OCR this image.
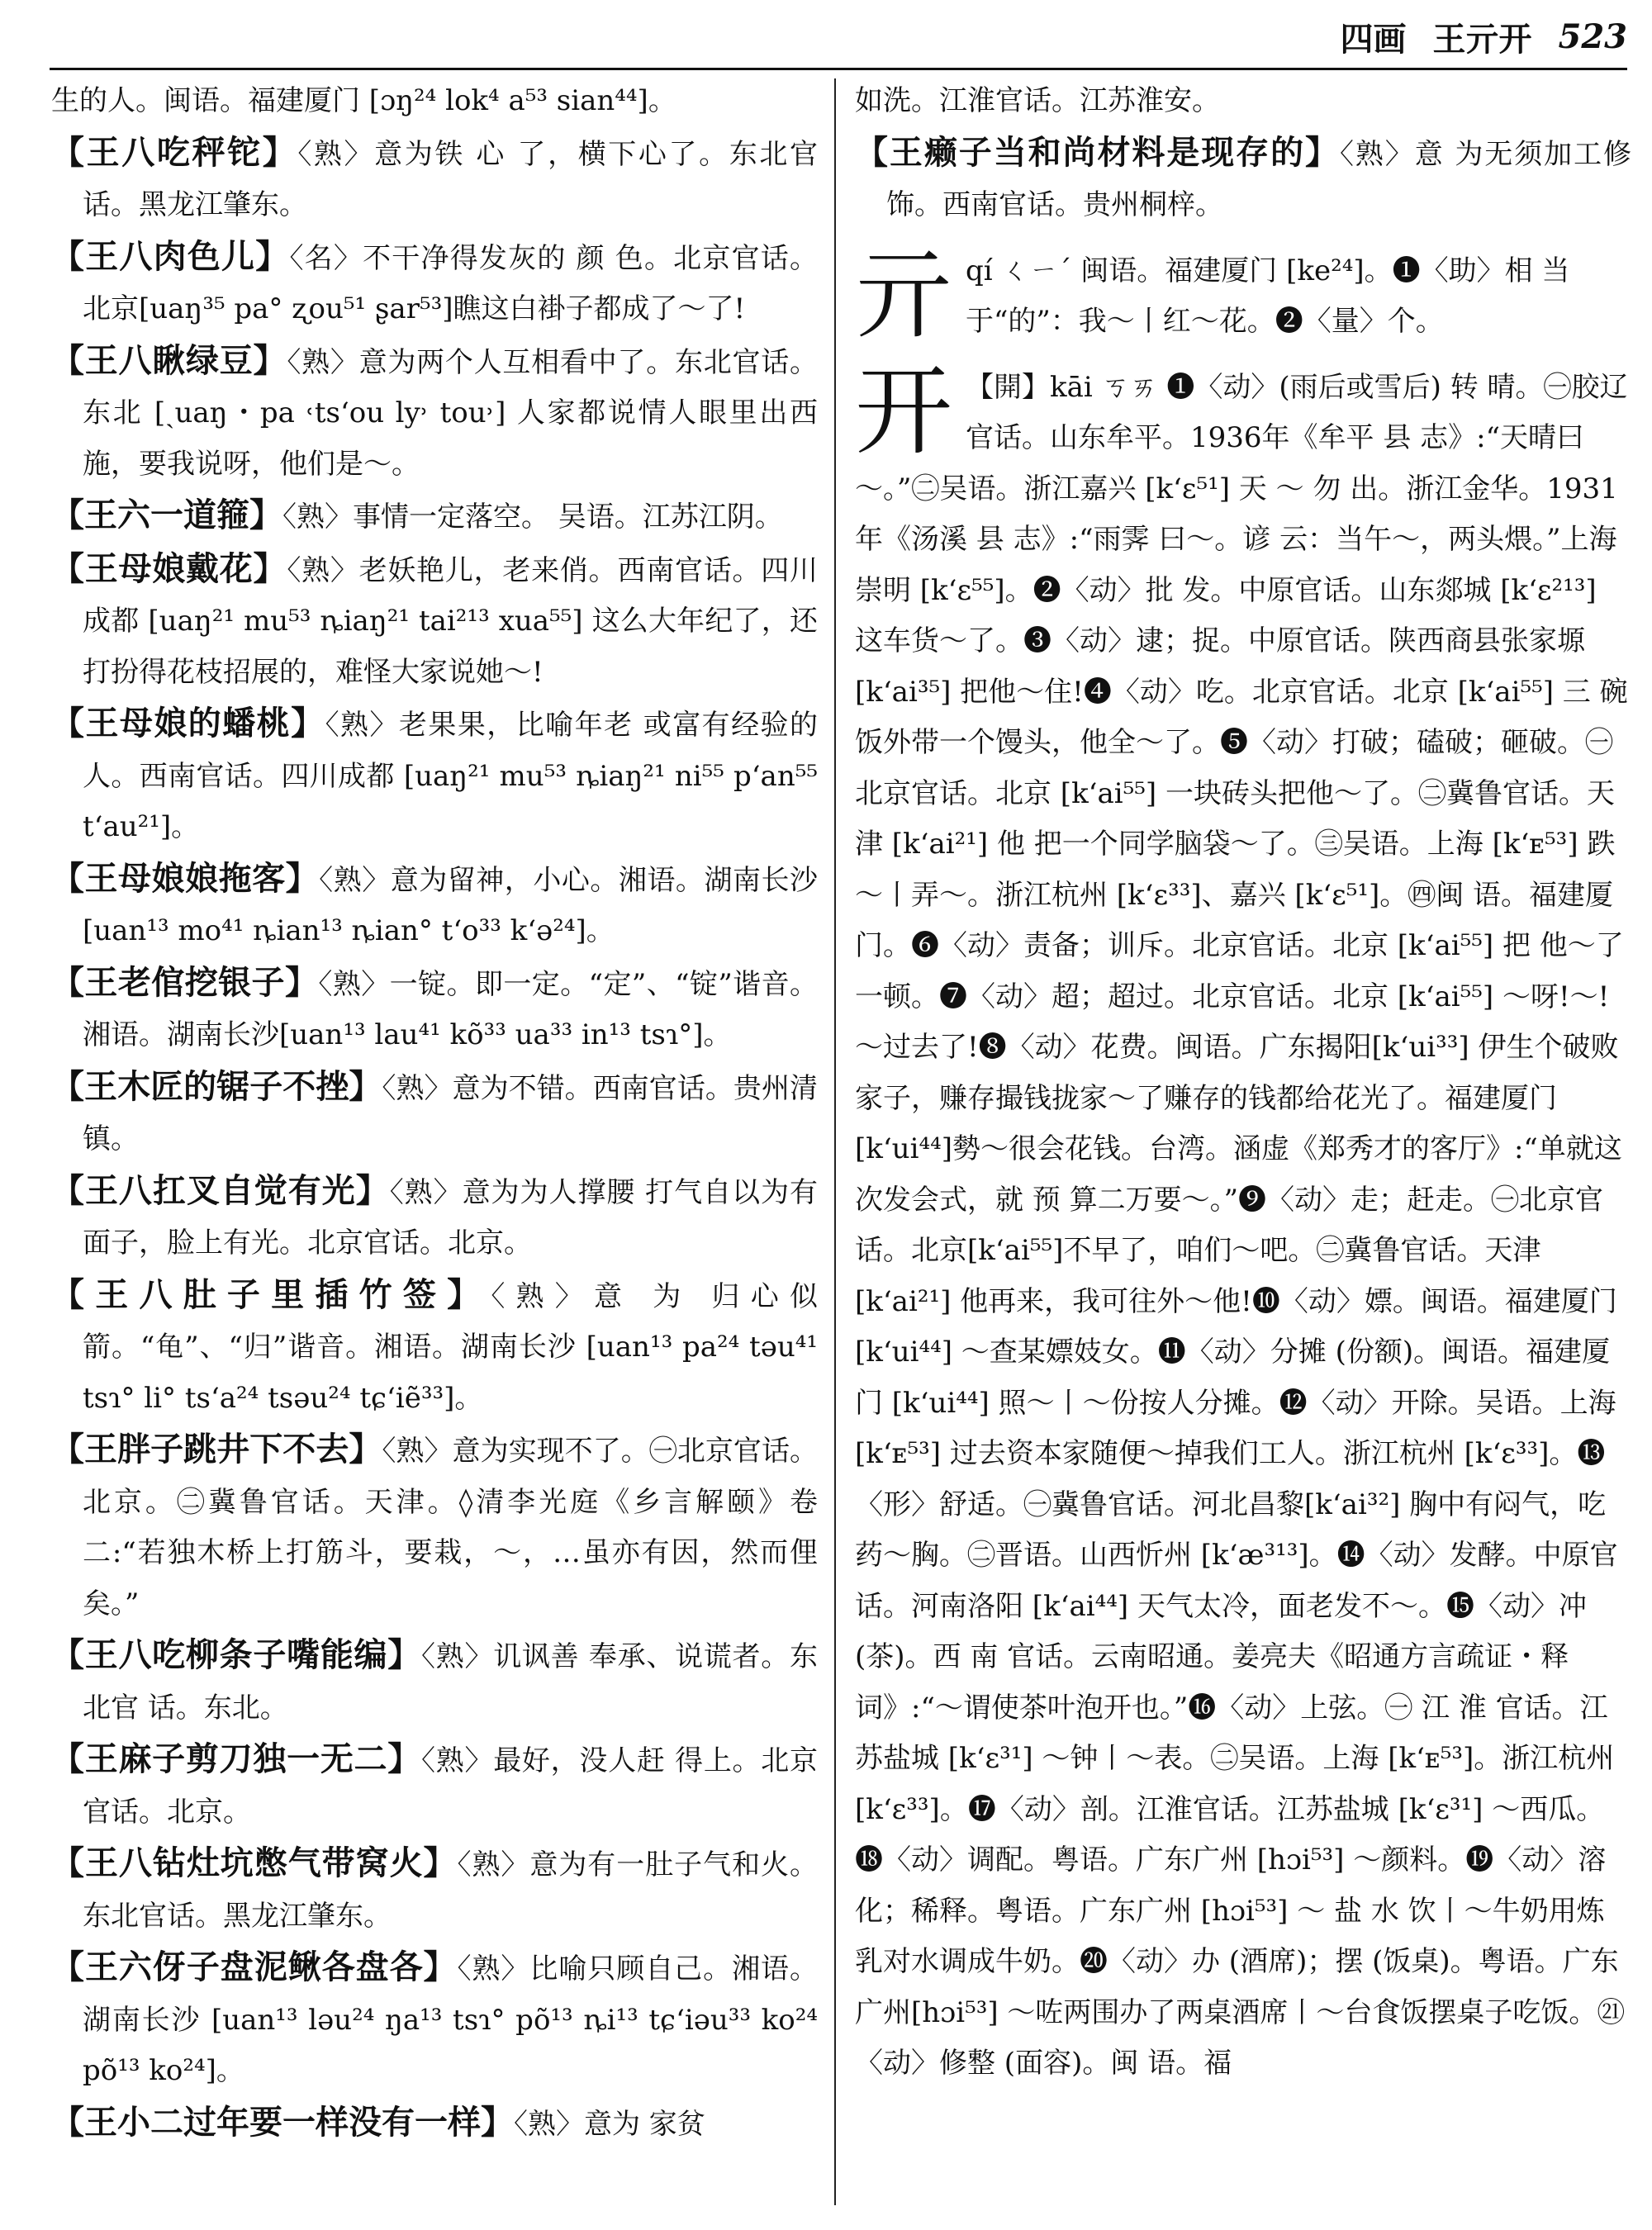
四画 王亓开 523

生的人。闽语。福建厦门 [ɔŋ²⁴ lok⁴ a⁵³ sian⁴⁴]。

【王八吃秤铊】〈熟〉意为铁 心 了，横下心了。东北官话。黑龙江肇东。

【王八肉色儿】〈名〉不干净得发灰的 颜 色。北京官话。北京[uaŋ³⁵ pa° ʐou⁵¹ ʂar⁵³]瞧这白褂子都成了～了!

【王八瞅绿豆】〈熟〉意为两个人互相看中了。东北官话。东北 [ˏuaŋ・pa ˓ts‘ou ly˒ tou˒] 人家都说情人眼里出西施，要我说呀，他们是～。

【王六一道箍】〈熟〉事情一定落空。 吴语。江苏江阴。

【王母娘戴花】〈熟〉老妖艳儿，老来俏。西南官话。四川成都 [uaŋ²¹ mu⁵³ ȵiaŋ²¹ tai²¹³ xua⁵⁵] 这么大年纪了，还打扮得花枝招展的，难怪大家说她～!

【王母娘的蟠桃】〈熟〉老果果，比喻年老 或富有经验的人。西南官话。四川成都 [uaŋ²¹ mu⁵³ ȵiaŋ²¹ ni⁵⁵ p‘an⁵⁵ t‘au²¹]。

【王母娘娘拖客】〈熟〉意为留神，小心。湘语。湖南长沙[uan¹³ mo⁴¹ ȵian¹³ ȵian° t‘o³³ k‘ə²⁴]。

【王老倌挖银子】〈熟〉一锭。即一定。“定”、“锭”谐音。湘语。湖南长沙[uan¹³ lau⁴¹ kõ³³ ua³³ in¹³ tsɿ°]。

【王木匠的锯子不挫】〈熟〉意为不错。西南官话。贵州清镇。

【王八扛叉自觉有光】〈熟〉意为为人撑腰 打气自以为有面子，脸上有光。北京官话。北京。

【王八肚子里插竹签】〈熟〉意 为 归心似箭。“龟”、“归”谐音。湘语。湖南长沙 [uan¹³ pa²⁴ təu⁴¹ tsɿ° li° ts‘a²⁴ tsəu²⁴ tɕ‘iẽ³³]。

【王胖子跳井下不去】〈熟〉意为实现不了。㊀北京官话。北京。㊁冀鲁官话。天津。◊清李光庭《乡言解颐》卷二:“若独木桥上打筋斗，要栽，～，…虽亦有因，然而俚矣。”

【王八吃柳条子嘴能编】〈熟〉讥讽善 奉承、说谎者。东北官 话。东北。

【王麻子剪刀独一无二】〈熟〉最好，没人赶 得上。北京官话。北京。

【王八钻灶坑憋气带窝火】〈熟〉意为有一肚子气和火。东北官话。黑龙江肇东。

【王六伢子盘泥鳅各盘各】〈熟〉比喻只顾自己。湘语。湖南长沙 [uan¹³ ləu²⁴ ŋa¹³ tsɿ° põ¹³ ȵi¹³ tɕ‘iəu³³ ko²⁴ põ¹³ ko²⁴]。

【王小二过年要一样没有一样】〈熟〉意为 家贫

如洗。江淮官话。江苏淮安。

【王癞子当和尚材料是现存的】〈熟〉意 为无须加工修饰。西南官话。贵州桐梓。

亓 qí ㄑㄧˊ 闽语。福建厦门 [ke²⁴]。❶〈助〉相 当于“的”：我～丨红～花。❷〈量〉个。
开 【開】kāi ㄎㄞ ❶〈动〉(雨后或雪后) 转 晴。㊀胶辽官话。山东牟平。1936年《牟平 县 志》:“天晴曰～。”㊁吴语。浙江嘉兴 [k‘ɛ⁵¹] 天 ～ 勿 出。浙江金华。1931年《汤溪 县 志》:“雨霁 曰～。谚 云：当午～，两头煨。”上海崇明 [k‘ɛ⁵⁵]。❷〈动〉批 发。中原官话。山东郯城 [k‘ɛ²¹³] 这车货～了。❸〈动〉逮；捉。中原官话。陕西商县张家塬 [k‘ai³⁵] 把他～住!❹〈动〉吃。北京官话。北京 [k‘ai⁵⁵] 三 碗饭外带一个馒头，他全～了。❺〈动〉打破；磕破；砸破。㊀北京官话。北京 [k‘ai⁵⁵] 一块砖头把他～了。㊁冀鲁官话。天津 [k‘ai²¹] 他 把一个同学脑袋～了。㊂吴语。上海 [k‘ᴇ⁵³] 跌～丨弄～。浙江杭州 [k‘ɛ³³]、嘉兴 [k‘ɛ⁵¹]。㊃闽 语。福建厦门。❻〈动〉责备；训斥。北京官话。北京 [k‘ai⁵⁵] 把 他～了一顿。❼〈动〉超；超过。北京官话。北京 [k‘ai⁵⁵] ～呀!～!～过去了!❽〈动〉花费。闽语。广东揭阳[k‘ui³³] 伊生个破败家子，赚存撮钱拢家～了赚存的钱都给花光了。福建厦门[k‘ui⁴⁴]勢～很会花钱。台湾。涵虚《郑秀才的客厅》:“单就这次发会式，就 预 算二万要～。”❾〈动〉走；赶走。㊀北京官话。北京[k‘ai⁵⁵]不早了，咱们～吧。㊁冀鲁官话。天津[k‘ai²¹] 他再来，我可往外～他!❿〈动〉嫖。闽语。福建厦门 [k‘ui⁴⁴] ～查某嫖妓女。⓫〈动〉分摊 (份额)。闽语。福建厦门 [k‘ui⁴⁴] 照～丨～份按人分摊。⓬〈动〉开除。吴语。上海[k‘ᴇ⁵³] 过去资本家随便～掉我们工人。浙江杭州 [k‘ɛ³³]。⓭〈形〉舒适。㊀冀鲁官话。河北昌黎[k‘ai³²] 胸中有闷气，吃药～胸。㊁晋语。山西忻州 [k‘æ³¹³]。⓮〈动〉发酵。中原官话。河南洛阳 [k‘ai⁴⁴] 天气太冷，面老发不～。⓯〈动〉冲 (茶)。西 南 官话。云南昭通。姜亮夫《昭通方言疏证・释词》:“～谓使茶叶泡开也。”⓰〈动〉上弦。㊀ 江 淮 官话。江苏盐城 [k‘ɛ³¹] ～钟丨～表。㊁吴语。上海 [k‘ᴇ⁵³]。浙江杭州 [k‘ɛ³³]。⓱〈动〉剖。江淮官话。江苏盐城 [k‘ɛ³¹] ～西瓜。⓲〈动〉调配。粤语。广东广州 [hɔi⁵³] ～颜料。⓳〈动〉溶化；稀释。粤语。广东广州 [hɔi⁵³] ～ 盐 水 饮丨～牛奶用炼乳对水调成牛奶。⓴〈动〉办 (酒席)；摆 (饭桌)。粤语。广东广州[hɔi⁵³] ～咗两围办了两桌酒席丨～台食饭摆桌子吃饭。㉑〈动〉修整 (面容)。闽 语。福
